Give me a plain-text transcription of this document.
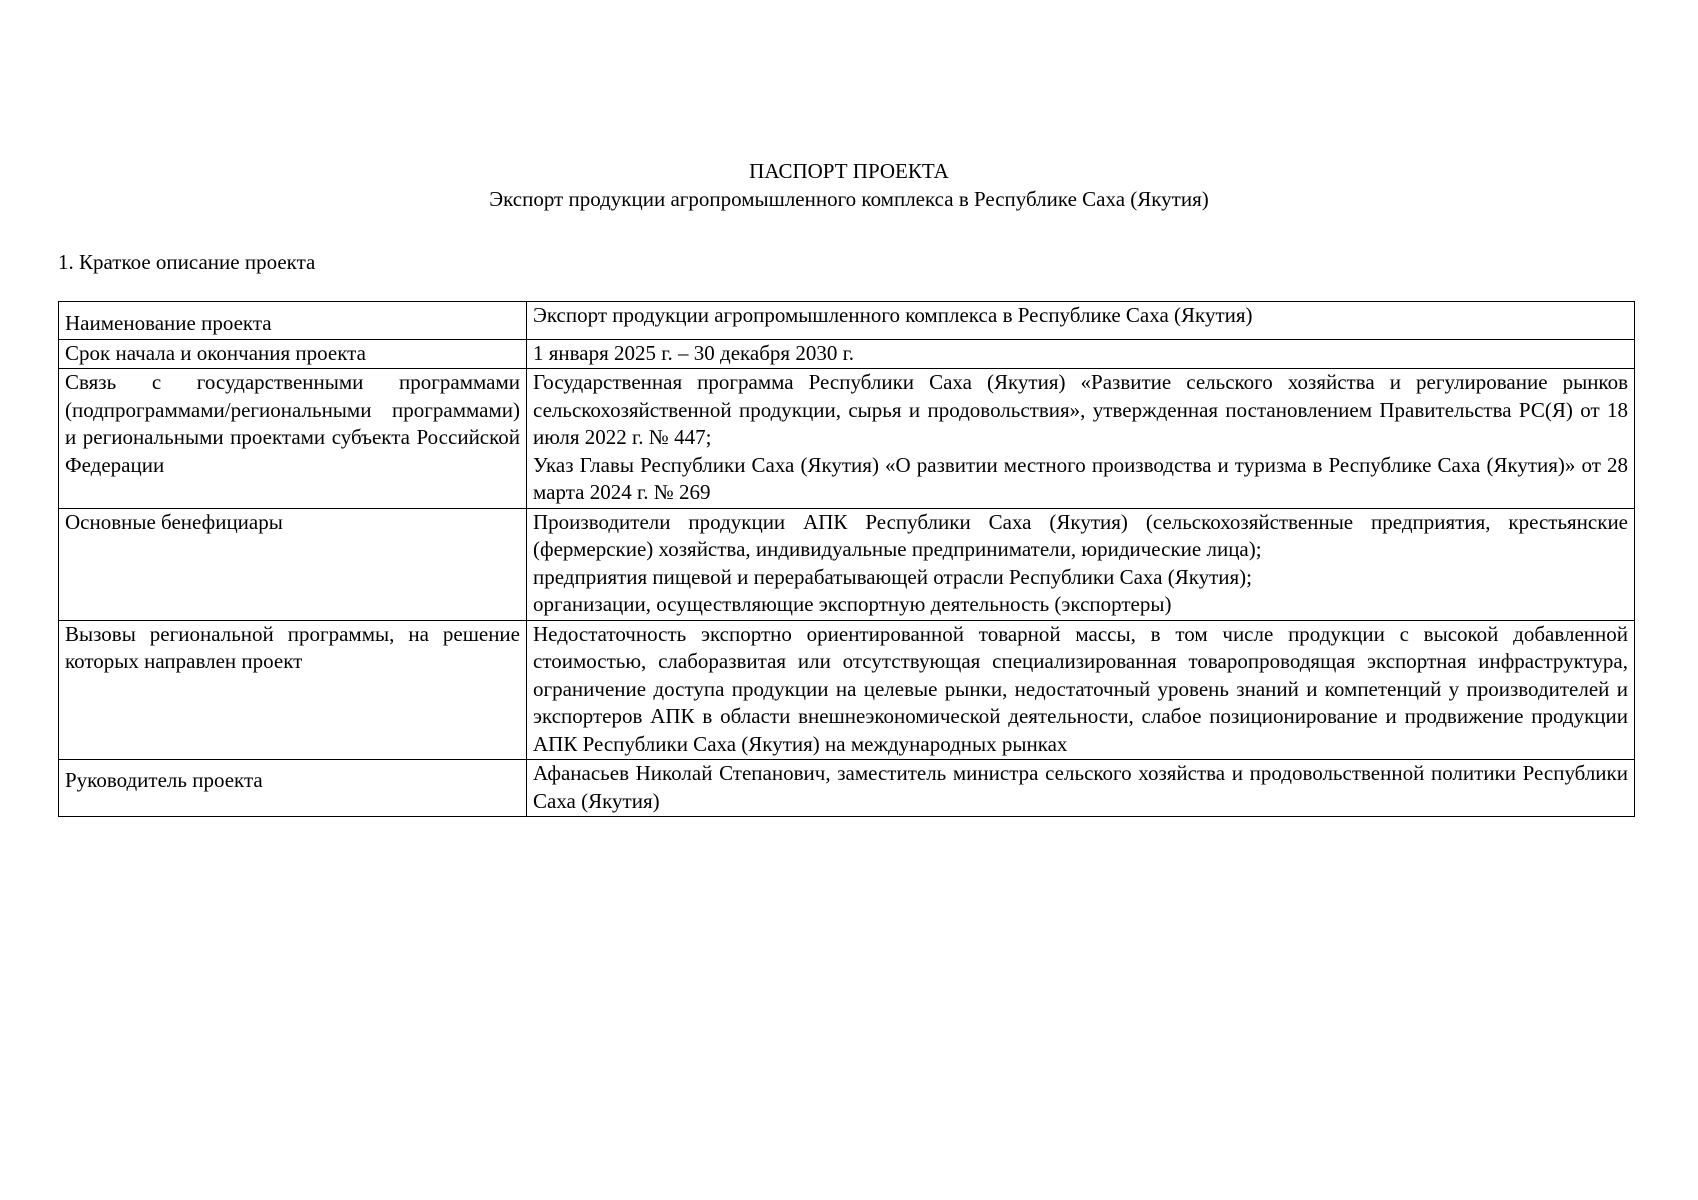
ПАСПОРТ ПРОЕКТА
Экспорт продукции агропромышленного комплекса в Республике Саха (Якутия)
1. Краткое описание проекта
Наименование проекта	Экспорт продукции агропромышленного комплекса в Республике Саха (Якутия)

Срок начала и окончания проекта	1 января 2025 г. – 30 декабря 2030 г.

Связь с государственными программами (подпрограммами/региональными программами) и региональными проектами субъекта Российской Федерации	Государственная программа Республики Саха (Якутия) «Развитие сельского хозяйства и регулирование рынков сельскохозяйственной продукции, сырья и продовольствия», утвержденная постановлением Правительства РС(Я) от 18 июля 2022 г. № 447;
Указ Главы Республики Саха (Якутия) «О развитии местного производства и туризма в Республике Саха (Якутия)» от 28 марта 2024 г. № 269

Основные бенефициары	Производители продукции АПК Республики Саха (Якутия) (сельскохозяйственные предприятия, крестьянские (фермерские) хозяйства, индивидуальные предприниматели, юридические лица);
предприятия пищевой и перерабатывающей отрасли Республики Саха (Якутия);
организации, осуществляющие экспортную деятельность (экспортеры)

Вызовы региональной программы, на решение которых направлен проект	Недостаточность экспортно ориентированной товарной массы, в том числе продукции с высокой добавленной стоимостью, слаборазвитая или отсутствующая специализированная товаропроводящая экспортная инфраструктура, ограничение доступа продукции на целевые рынки, недостаточный уровень знаний и компетенций у производителей и экспортеров АПК в области внешнеэкономической деятельности, слабое позиционирование и продвижение продукции АПК Республики Саха (Якутия) на международных рынках

Руководитель проекта	Афанасьев Николай Степанович, заместитель министра сельского хозяйства и продовольственной политики Республики Саха (Якутия)
